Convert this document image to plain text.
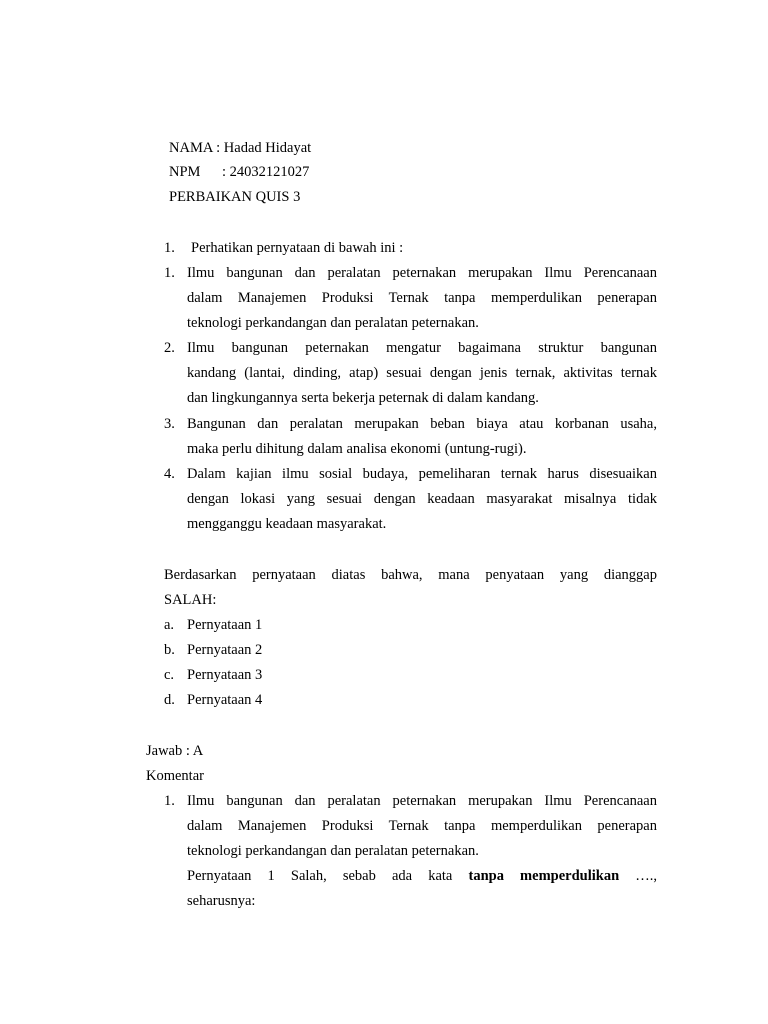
NAMA : Hadad Hidayat
NPM : 24032121027
PERBAIKAN QUIS 3
1. Perhatikan pernyataan di bawah ini :
1. Ilmu bangunan dan peralatan peternakan merupakan Ilmu Perencanaan
dalam Manajemen Produksi Ternak tanpa memperdulikan penerapan
teknologi perkandangan dan peralatan peternakan.
2. Ilmu bangunan peternakan mengatur bagaimana struktur bangunan
kandang (lantai, dinding, atap) sesuai dengan jenis ternak, aktivitas ternak
dan lingkungannya serta bekerja peternak di dalam kandang.
3. Bangunan dan peralatan merupakan beban biaya atau korbanan usaha,
maka perlu dihitung dalam analisa ekonomi (untung-rugi).
4. Dalam kajian ilmu sosial budaya, pemeliharan ternak harus disesuaikan
dengan lokasi yang sesuai dengan keadaan masyarakat misalnya tidak
mengganggu keadaan masyarakat.
Berdasarkan pernyataan diatas bahwa, mana penyataan yang dianggap
SALAH:
a. Pernyataan 1
b. Pernyataan 2
c. Pernyataan 3
d. Pernyataan 4
Jawab : A
Komentar
1. Ilmu bangunan dan peralatan peternakan merupakan Ilmu Perencanaan
dalam Manajemen Produksi Ternak tanpa memperdulikan penerapan
teknologi perkandangan dan peralatan peternakan.
Pernyataan 1 Salah, sebab ada kata tanpa memperdulikan ….,
seharusnya:
